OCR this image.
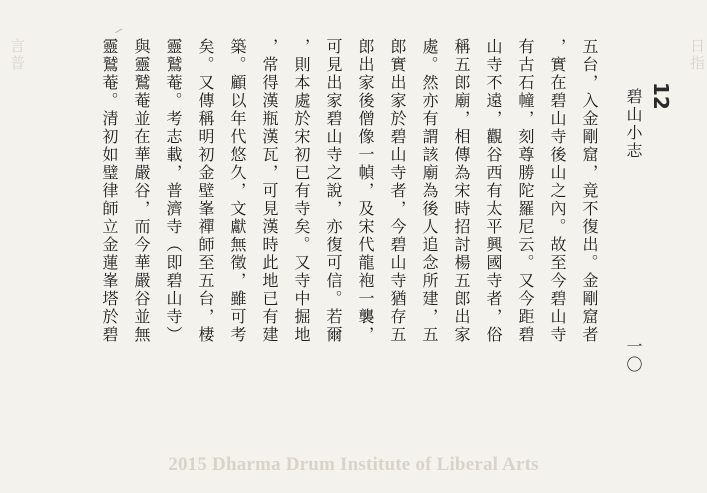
12
碧山小志
一〇
日指
言普	五台，入金剛窟，竟不復出。金剛窟者
，實在碧山寺後山之內。故至今碧山寺
有古石幢，刻尊勝陀羅尼云。又今距碧
山寺不遠，觀谷西有太平興國寺者，俗
稱五郎廟，相傳為宋時招討楊五郎出家
處。然亦有謂該廟為後人追念所建，五
郎實出家於碧山寺者，今碧山寺猶存五
郎出家後僧像一幀，及宋代龍袍一襲，
可見出家碧山寺之說，亦復可信。若爾
，則本處於宋初已有寺矣。又寺中掘地
，常得漢瓶漢瓦，可見漢時此地已有建
築。顧以年代悠久，文獻無徵，雖可考
矣。又傳稱明初金壁峯禪師至五台，棲
靈鷲菴。考志載，普濟寺（即碧山寺）
與靈鷲菴並在華嚴谷，而今華嚴谷並無
靈鷲菴。清初如璧律師立金蓮峯塔於碧
2015 Dharma Drum Institute of Liberal Arts
